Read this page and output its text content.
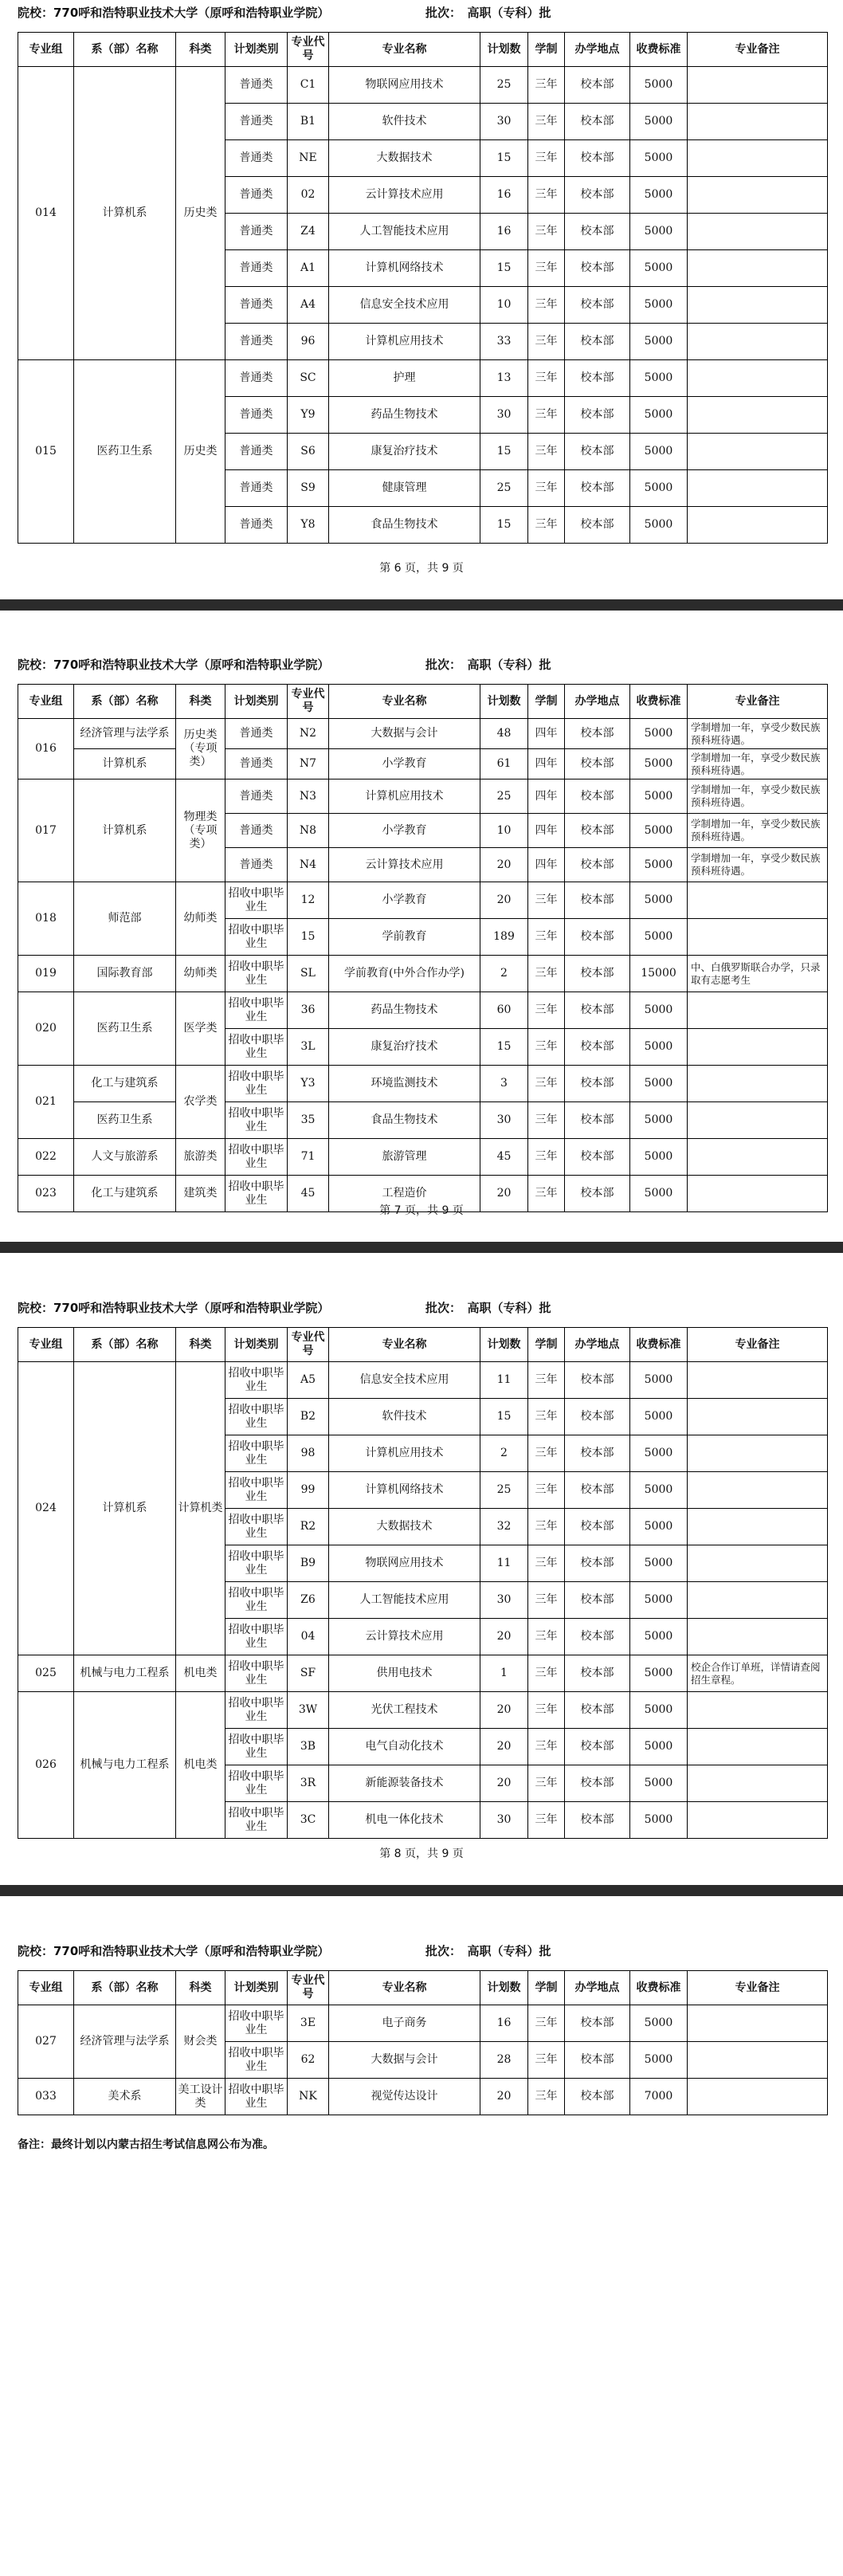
院校：770呼和浩特职业技术大学（原呼和浩特职业学院）	批次：　高职（专科）批
专业组	系（部）名称	科类	计划类别	专业代号	专业名称	计划数	学制	办学地点	收费标准	专业备注
014	计算机系	历史类	普通类	C1	物联网应用技术	25	三年	校本部	5000	
			普通类	B1	软件技术	30	三年	校本部	5000	
			普通类	NE	大数据技术	15	三年	校本部	5000	
			普通类	02	云计算技术应用	16	三年	校本部	5000	
			普通类	Z4	人工智能技术应用	16	三年	校本部	5000	
			普通类	A1	计算机网络技术	15	三年	校本部	5000	
			普通类	A4	信息安全技术应用	10	三年	校本部	5000	
			普通类	96	计算机应用技术	33	三年	校本部	5000	
015	医药卫生系	历史类	普通类	SC	护理	13	三年	校本部	5000	
			普通类	Y9	药品生物技术	30	三年	校本部	5000	
			普通类	S6	康复治疗技术	15	三年	校本部	5000	
			普通类	S9	健康管理	25	三年	校本部	5000	
			普通类	Y8	食品生物技术	15	三年	校本部	5000	
第 6 页，共 9 页
院校：770呼和浩特职业技术大学（原呼和浩特职业学院）	批次：　高职（专科）批
专业组	系（部）名称	科类	计划类别	专业代号	专业名称	计划数	学制	办学地点	收费标准	专业备注
016	经济管理与法学系	历史类（专项类）	普通类	N2	大数据与会计	48	四年	校本部	5000	学制增加一年，享受少数民族预科班待遇。
	计算机系		普通类	N7	小学教育	61	四年	校本部	5000	学制增加一年，享受少数民族预科班待遇。
017	计算机系	物理类（专项类）	普通类	N3	计算机应用技术	25	四年	校本部	5000	学制增加一年，享受少数民族预科班待遇。
			普通类	N8	小学教育	10	四年	校本部	5000	学制增加一年，享受少数民族预科班待遇。
			普通类	N4	云计算技术应用	20	四年	校本部	5000	学制增加一年，享受少数民族预科班待遇。
018	师范部	幼师类	招收中职毕业生	12	小学教育	20	三年	校本部	5000	
			招收中职毕业生	15	学前教育	189	三年	校本部	5000	
019	国际教育部	幼师类	招收中职毕业生	SL	学前教育(中外合作办学)	2	三年	校本部	15000	中、白俄罗斯联合办学，只录取有志愿考生
020	医药卫生系	医学类	招收中职毕业生	36	药品生物技术	60	三年	校本部	5000	
			招收中职毕业生	3L	康复治疗技术	15	三年	校本部	5000	
021	化工与建筑系	农学类	招收中职毕业生	Y3	环境监测技术	3	三年	校本部	5000	
	医药卫生系		招收中职毕业生	35	食品生物技术	30	三年	校本部	5000	
022	人文与旅游系	旅游类	招收中职毕业生	71	旅游管理	45	三年	校本部	5000	
023	化工与建筑系	建筑类	招收中职毕业生	45	工程造价	20	三年	校本部	5000	
第 7 页，共 9 页
院校：770呼和浩特职业技术大学（原呼和浩特职业学院）	批次：　高职（专科）批
专业组	系（部）名称	科类	计划类别	专业代号	专业名称	计划数	学制	办学地点	收费标准	专业备注
024	计算机系	计算机类	招收中职毕业生	A5	信息安全技术应用	11	三年	校本部	5000	
			招收中职毕业生	B2	软件技术	15	三年	校本部	5000	
			招收中职毕业生	98	计算机应用技术	2	三年	校本部	5000	
			招收中职毕业生	99	计算机网络技术	25	三年	校本部	5000	
			招收中职毕业生	R2	大数据技术	32	三年	校本部	5000	
			招收中职毕业生	B9	物联网应用技术	11	三年	校本部	5000	
			招收中职毕业生	Z6	人工智能技术应用	30	三年	校本部	5000	
			招收中职毕业生	04	云计算技术应用	20	三年	校本部	5000	
025	机械与电力工程系	机电类	招收中职毕业生	SF	供用电技术	1	三年	校本部	5000	校企合作订单班，详情请查阅招生章程。
026	机械与电力工程系	机电类	招收中职毕业生	3W	光伏工程技术	20	三年	校本部	5000	
			招收中职毕业生	3B	电气自动化技术	20	三年	校本部	5000	
			招收中职毕业生	3R	新能源装备技术	20	三年	校本部	5000	
			招收中职毕业生	3C	机电一体化技术	30	三年	校本部	5000	
第 8 页，共 9 页
院校：770呼和浩特职业技术大学（原呼和浩特职业学院）	批次：　高职（专科）批
专业组	系（部）名称	科类	计划类别	专业代号	专业名称	计划数	学制	办学地点	收费标准	专业备注
027	经济管理与法学系	财会类	招收中职毕业生	3E	电子商务	16	三年	校本部	5000	
			招收中职毕业生	62	大数据与会计	28	三年	校本部	5000	
033	美术系	美工设计类	招收中职毕业生	NK	视觉传达设计	20	三年	校本部	7000	
备注：最终计划以内蒙古招生考试信息网公布为准。
